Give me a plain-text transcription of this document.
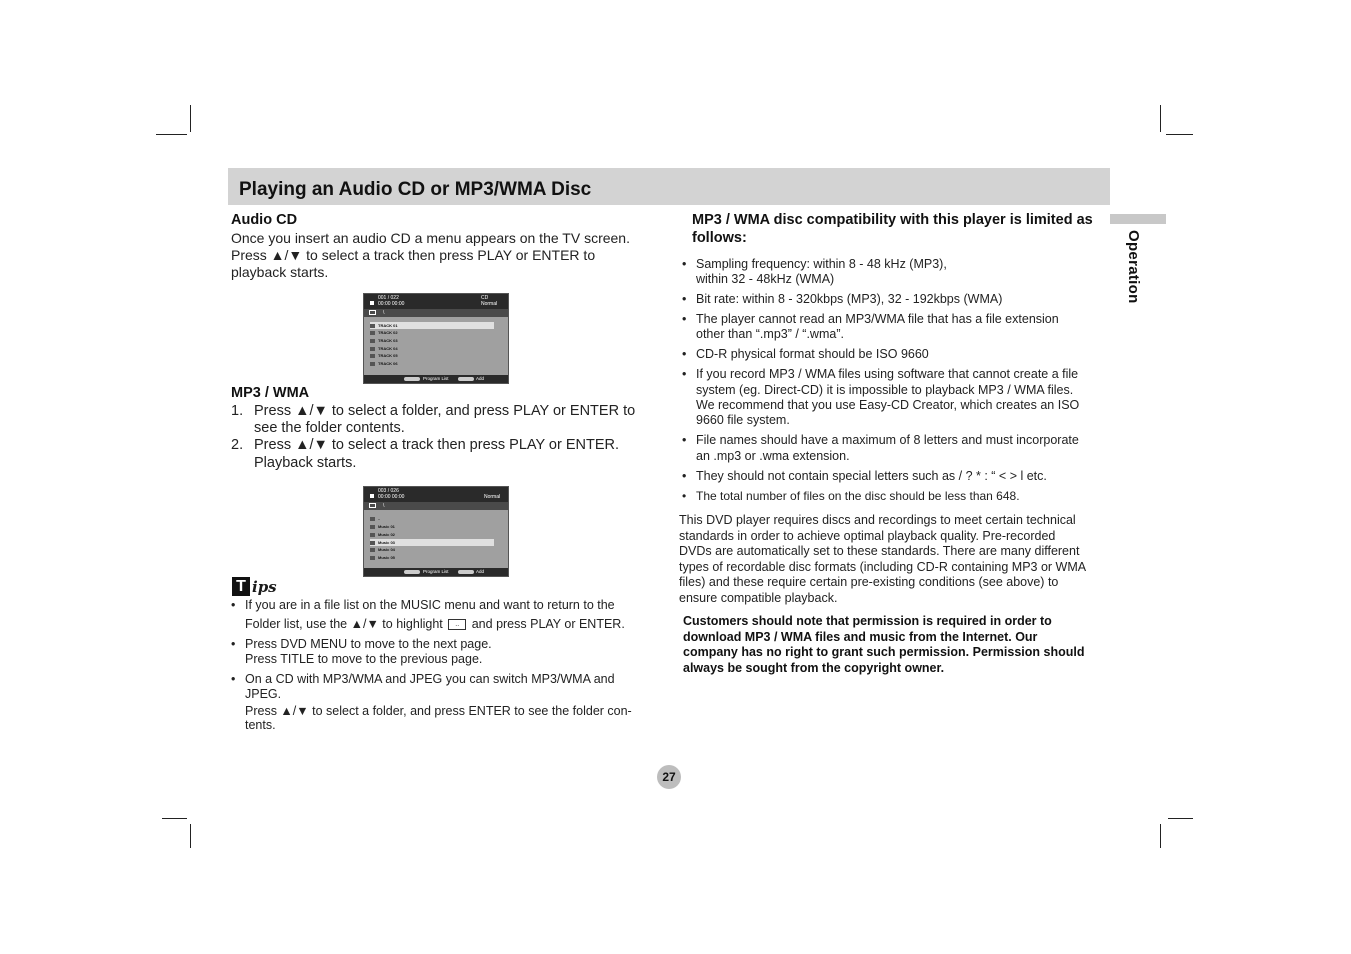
Playing an Audio CD or MP3/WMA Disc
Operation
Audio CD
Once you insert an audio CD a menu appears on the TV screen.
Press ▲/▼ to select a track then press PLAY or ENTER to
playback starts.
001 / 022
00:00 00:00
CD
Normal
\
TRACK 01
TRACK 02
TRACK 03
TRACK 04
TRACK 05
TRACK 06
Program List	Add
MP3 / WMA
1. Press ▲/▼ to select a folder, and press PLAY or ENTER to
see the folder contents.
2. Press ▲/▼ to select a track then press PLAY or ENTER.
Playback starts.
003 / 026
00:00 00:00	Normal
\
..
Music 01
Music 02
Music 03
Music 04
Music 05
Program List	Add
T ips
• If you are in a file list on the MUSIC menu and want to return to the
Folder list, use the ▲/▼ to highlight .. and press PLAY or ENTER.
• Press DVD MENU to move to the next page.
Press TITLE to move to the previous page.
• On a CD with MP3/WMA and JPEG you can switch MP3/WMA and
JPEG.
Press ▲/▼ to select a folder, and press ENTER to see the folder con-
tents.
MP3 / WMA disc compatibility with this player is limited as
follows:
• Sampling frequency: within 8 - 48 kHz (MP3),
within 32 - 48kHz (WMA)
• Bit rate: within 8 - 320kbps (MP3), 32 - 192kbps (WMA)
• The player cannot read an MP3/WMA file that has a file extension
other than “.mp3” / “.wma”.
• CD-R physical format should be ISO 9660
• If you record MP3 / WMA files using software that cannot create a file
system (eg. Direct-CD) it is impossible to playback MP3 / WMA files.
We recommend that you use Easy-CD Creator, which creates an ISO
9660 file system.
• File names should have a maximum of 8 letters and must incorporate
an .mp3 or .wma extension.
• They should not contain special letters such as / ? * : “ < > l etc.
• The total number of files on the disc should be less than 648.
This DVD player requires discs and recordings to meet certain technical
standards in order to achieve optimal playback quality. Pre-recorded
DVDs are automatically set to these standards. There are many different
types of recordable disc formats (including CD-R containing MP3 or WMA
files) and these require certain pre-existing conditions (see above) to
ensure compatible playback.
Customers should note that permission is required in order to
download MP3 / WMA files and music from the Internet. Our
company has no right to grant such permission. Permission should
always be sought from the copyright owner.
27
